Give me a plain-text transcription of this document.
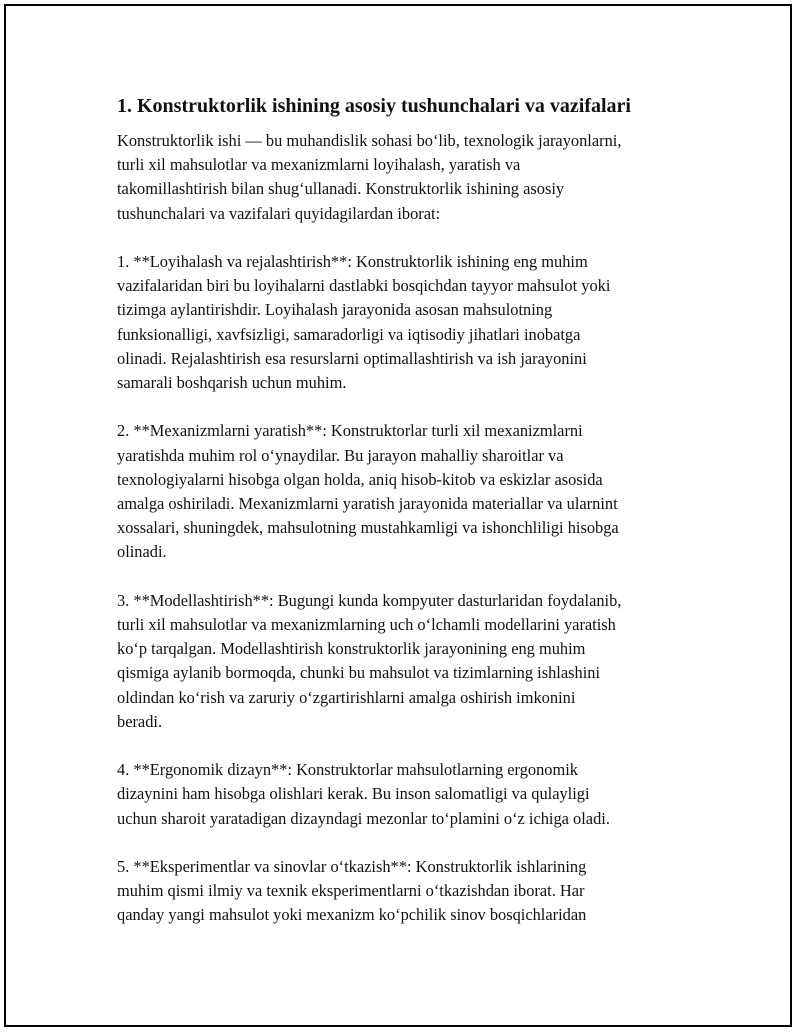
1. Konstruktorlik ishining asosiy tushunchalari va vazifalari

Konstruktorlik ishi — bu muhandislik sohasi bo‘lib, texnologik jarayonlarni,
turli xil mahsulotlar va mexanizmlarni loyihalash, yaratish va
takomillashtirish bilan shug‘ullanadi. Konstruktorlik ishining asosiy
tushunchalari va vazifalari quyidagilardan iborat:

1. **Loyihalash va rejalashtirish**: Konstruktorlik ishining eng muhim
vazifalaridan biri bu loyihalarni dastlabki bosqichdan tayyor mahsulot yoki
tizimga aylantirishdir. Loyihalash jarayonida asosan mahsulotning
funksionalligi, xavfsizligi, samaradorligi va iqtisodiy jihatlari inobatga
olinadi. Rejalashtirish esa resurslarni optimallashtirish va ish jarayonini
samarali boshqarish uchun muhim.

2. **Mexanizmlarni yaratish**: Konstruktorlar turli xil mexanizmlarni
yaratishda muhim rol o‘ynaydilar. Bu jarayon mahalliy sharoitlar va
texnologiyalarni hisobga olgan holda, aniq hisob-kitob va eskizlar asosida
amalga oshiriladi. Mexanizmlarni yaratish jarayonida materiallar va ularnint
xossalari, shuningdek, mahsulotning mustahkamligi va ishonchliligi hisobga
olinadi.

3. **Modellashtirish**: Bugungi kunda kompyuter dasturlaridan foydalanib,
turli xil mahsulotlar va mexanizmlarning uch o‘lchamli modellarini yaratish
ko‘p tarqalgan. Modellashtirish konstruktorlik jarayonining eng muhim
qismiga aylanib bormoqda, chunki bu mahsulot va tizimlarning ishlashini
oldindan ko‘rish va zaruriy o‘zgartirishlarni amalga oshirish imkonini
beradi.

4. **Ergonomik dizayn**: Konstruktorlar mahsulotlarning ergonomik
dizaynini ham hisobga olishlari kerak. Bu inson salomatligi va qulayligi
uchun sharoit yaratadigan dizayndagi mezonlar to‘plamini o‘z ichiga oladi.

5. **Eksperimentlar va sinovlar o‘tkazish**: Konstruktorlik ishlarining
muhim qismi ilmiy va texnik eksperimentlarni o‘tkazishdan iborat. Har
qanday yangi mahsulot yoki mexanizm ko‘pchilik sinov bosqichlaridan
